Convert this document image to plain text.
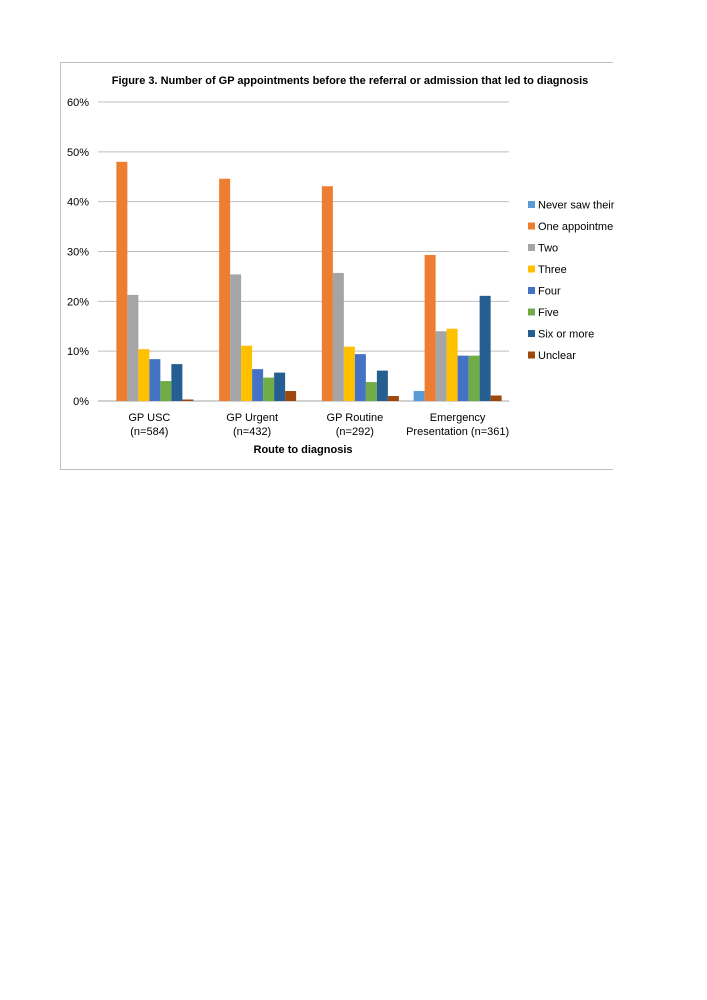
Figure 3. Number of GP appointments before the referral or admission that led to diagnosis
0%
10%
20%
30%
40%
50%
60%
GP USC
(n=584)
GP Urgent
(n=432)
GP Routine
(n=292)
Emergency
Presentation (n=361)
Route to diagnosis
Never saw their
One appointme
Two
Three
Four
Five
Six or more
Unclear
